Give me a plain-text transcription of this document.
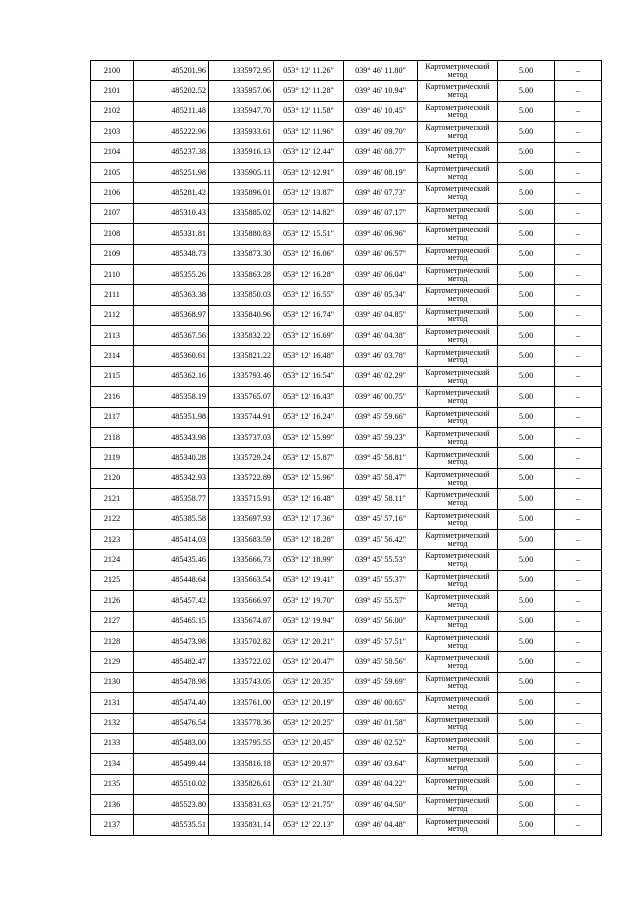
2100	485201.96	1335972.95	053° 12' 11.26"	039° 46' 11.80"	Картометрический метод	5.00	–
2101	485202.52	1335957.06	053° 12' 11.28"	039° 46' 10.94"	Картометрический метод	5.00	–
2102	485211.48	1335947.70	053° 12' 11.58"	039° 46' 10.45"	Картометрический метод	5.00	–
2103	485222.96	1335933.61	053° 12' 11.96"	039° 46' 09.70"	Картометрический метод	5.00	–
2104	485237.38	1335916.13	053° 12' 12.44"	039° 46' 08.77"	Картометрический метод	5.00	–
2105	485251.98	1335905.11	053° 12' 12.91"	039° 46' 08.19"	Картометрический метод	5.00	–
2106	485281.42	1335896.01	053° 12' 13.87"	039° 46' 07.73"	Картометрический метод	5.00	–
2107	485310.43	1335885.02	053° 12' 14.82"	039° 46' 07.17"	Картометрический метод	5.00	–
2108	485331.81	1335880.83	053° 12' 15.51"	039° 46' 06.96"	Картометрический метод	5.00	–
2109	485348.73	1335873.30	053° 12' 16.06"	039° 46' 06.57"	Картометрический метод	5.00	–
2110	485355.26	1335863.28	053° 12' 16.28"	039° 46' 06.04"	Картометрический метод	5.00	–
2111	485363.38	1335850.03	053° 12' 16.55"	039° 46' 05.34"	Картометрический метод	5.00	–
2112	485368.97	1335840.96	053° 12' 16.74"	039° 46' 04.85"	Картометрический метод	5.00	–
2113	485367.56	1335832.22	053° 12' 16.69"	039° 46' 04.38"	Картометрический метод	5.00	–
2114	485360.61	1335821.22	053° 12' 16.48"	039° 46' 03.78"	Картометрический метод	5.00	–
2115	485362.16	1335793.46	053° 12' 16.54"	039° 46' 02.29"	Картометрический метод	5.00	–
2116	485358.19	1335765.07	053° 12' 16.43"	039° 46' 00.75"	Картометрический метод	5.00	–
2117	485351.98	1335744.91	053° 12' 16.24"	039° 45' 59.66"	Картометрический метод	5.00	–
2118	485343.98	1335737.03	053° 12' 15.99"	039° 45' 59.23"	Картометрический метод	5.00	–
2119	485340.28	1335729.24	053° 12' 15.87"	039° 45' 58.81"	Картометрический метод	5.00	–
2120	485342.93	1335722.89	053° 12' 15.96"	039° 45' 58.47"	Картометрический метод	5.00	–
2121	485358.77	1335715.91	053° 12' 16.48"	039° 45' 58.11"	Картометрический метод	5.00	–
2122	485385.58	1335697.93	053° 12' 17.36"	039° 45' 57.16"	Картометрический метод	5.00	–
2123	485414.03	1335683.59	053° 12' 18.28"	039° 45' 56.42"	Картометрический метод	5.00	–
2124	485435.46	1335666.73	053° 12' 18.99"	039° 45' 55.53"	Картометрический метод	5.00	–
2125	485448.64	1335663.54	053° 12' 19.41"	039° 45' 55.37"	Картометрический метод	5.00	–
2126	485457.42	1335666.97	053° 12' 19.70"	039° 45' 55.57"	Картометрический метод	5.00	–
2127	485465.15	1335674.87	053° 12' 19.94"	039° 45' 56.00"	Картометрический метод	5.00	–
2128	485473.98	1335702.82	053° 12' 20.21"	039° 45' 57.51"	Картометрический метод	5.00	–
2129	485482.47	1335722.02	053° 12' 20.47"	039° 45' 58.56"	Картометрический метод	5.00	–
2130	485478.98	1335743.05	053° 12' 20.35"	039° 45' 59.69"	Картометрический метод	5.00	–
2131	485474.40	1335761.00	053° 12' 20.19"	039° 46' 00.65"	Картометрический метод	5.00	–
2132	485476.54	1335778.36	053° 12' 20.25"	039° 46' 01.58"	Картометрический метод	5.00	–
2133	485483.00	1335795.55	053° 12' 20.45"	039° 46' 02.52"	Картометрический метод	5.00	–
2134	485499.44	1335816.18	053° 12' 20.97"	039° 46' 03.64"	Картометрический метод	5.00	–
2135	485510.02	1335826.61	053° 12' 21.30"	039° 46' 04.22"	Картометрический метод	5.00	–
2136	485523.80	1335831.63	053° 12' 21.75"	039° 46' 04.50"	Картометрический метод	5.00	–
2137	485535.51	1335831.14	053° 12' 22.13"	039° 46' 04.48"	Картометрический метод	5.00	–
